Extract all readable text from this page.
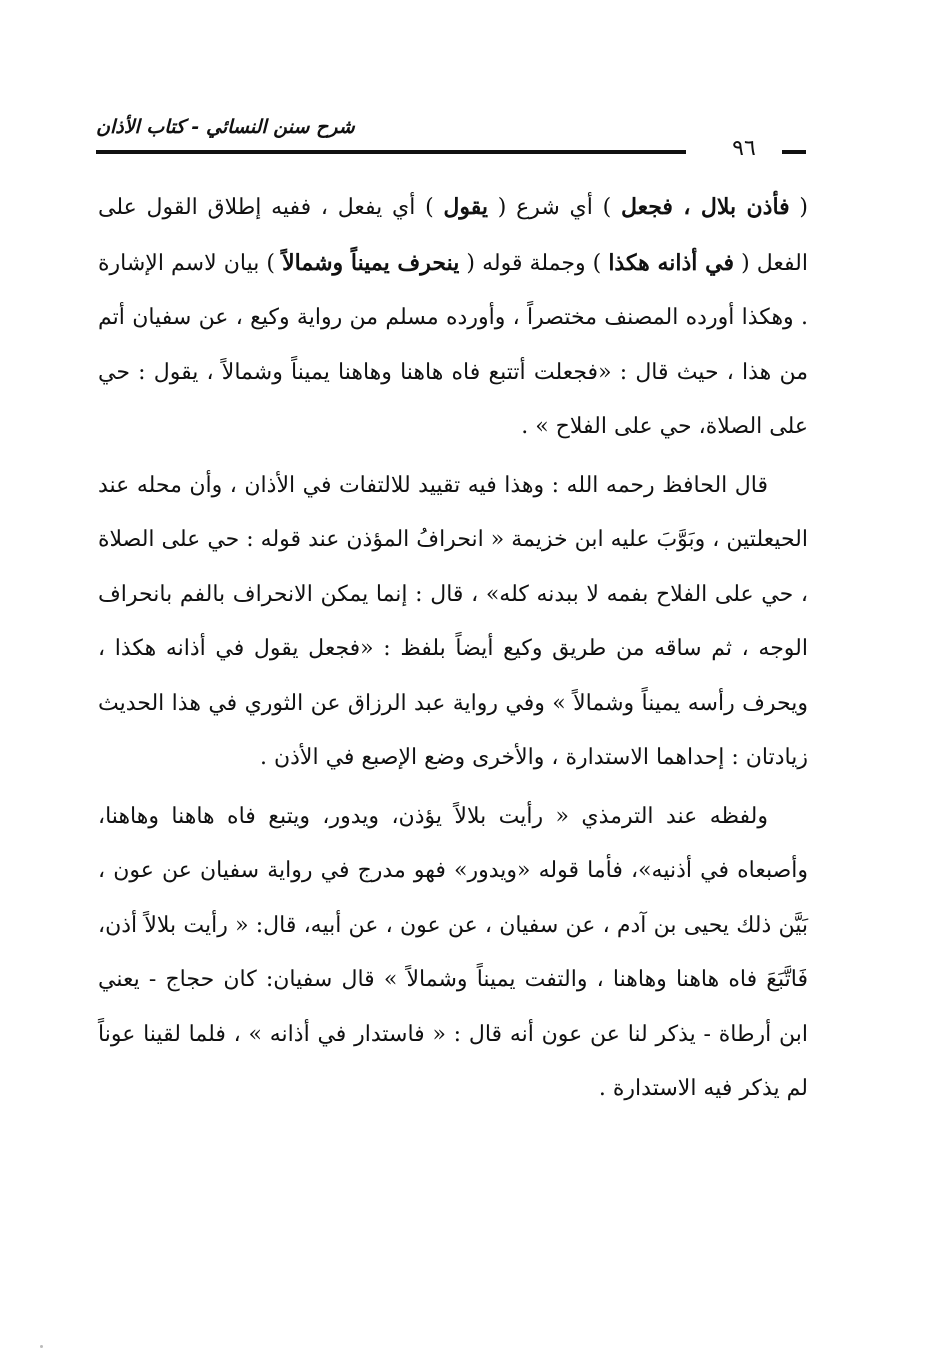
شرح سنن النسائي - كتاب الأذان
٩٦

( فأذن بلال ، فجعل ) أي شرع ( يقول ) أي يفعل ، ففيه إطلاق القول على الفعل ( في أذانه هكذا ) وجملة قوله ( ينحرف يميناً وشمالاً ) بيان لاسم الإشارة . وهكذا أورده المصنف مختصراً ، وأورده مسلم من رواية وكيع ، عن سفيان أتم من هذا ، حيث قال : «فجعلت أتتبع فاه هاهنا وهاهنا يميناً وشمالاً ، يقول : حي على الصلاة، حي على الفلاح » .

قال الحافظ رحمه الله : وهذا فيه تقييد للالتفات في الأذان ، وأن محله عند الحيعلتين ، وبَوَّبَ عليه ابن خزيمة « انحرافُ المؤذن عند قوله : حي على الصلاة ، حي على الفلاح بفمه لا ببدنه كله» ، قال : إنما يمكن الانحراف بالفم بانحراف الوجه ، ثم ساقه من طريق وكيع أيضاً بلفظ : «فجعل يقول في أذانه هكذا ، ويحرف رأسه يميناً وشمالاً » وفي رواية عبد الرزاق عن الثوري في هذا الحديث زيادتان : إحداهما الاستدارة ، والأخرى وضع الإصبع في الأذن .

ولفظه عند الترمذي « رأيت بلالاً يؤذن، ويدور، ويتبع فاه هاهنا وهاهنا، وأصبعاه في أذنيه»، فأما قوله «ويدور» فهو مدرج في رواية سفيان عن عون ، بَيَّن ذلك يحيى بن آدم ، عن سفيان ، عن عون ، عن أبيه، قال: « رأيت بلالاً أذن، فَاتَّبَعَ فاه هاهنا وهاهنا ، والتفت يميناً وشمالاً » قال سفيان: كان حجاج - يعني ابن أرطاة - يذكر لنا عن عون أنه قال : « فاستدار في أذانه » ، فلما لقينا عوناً لم يذكر فيه الاستدارة .
